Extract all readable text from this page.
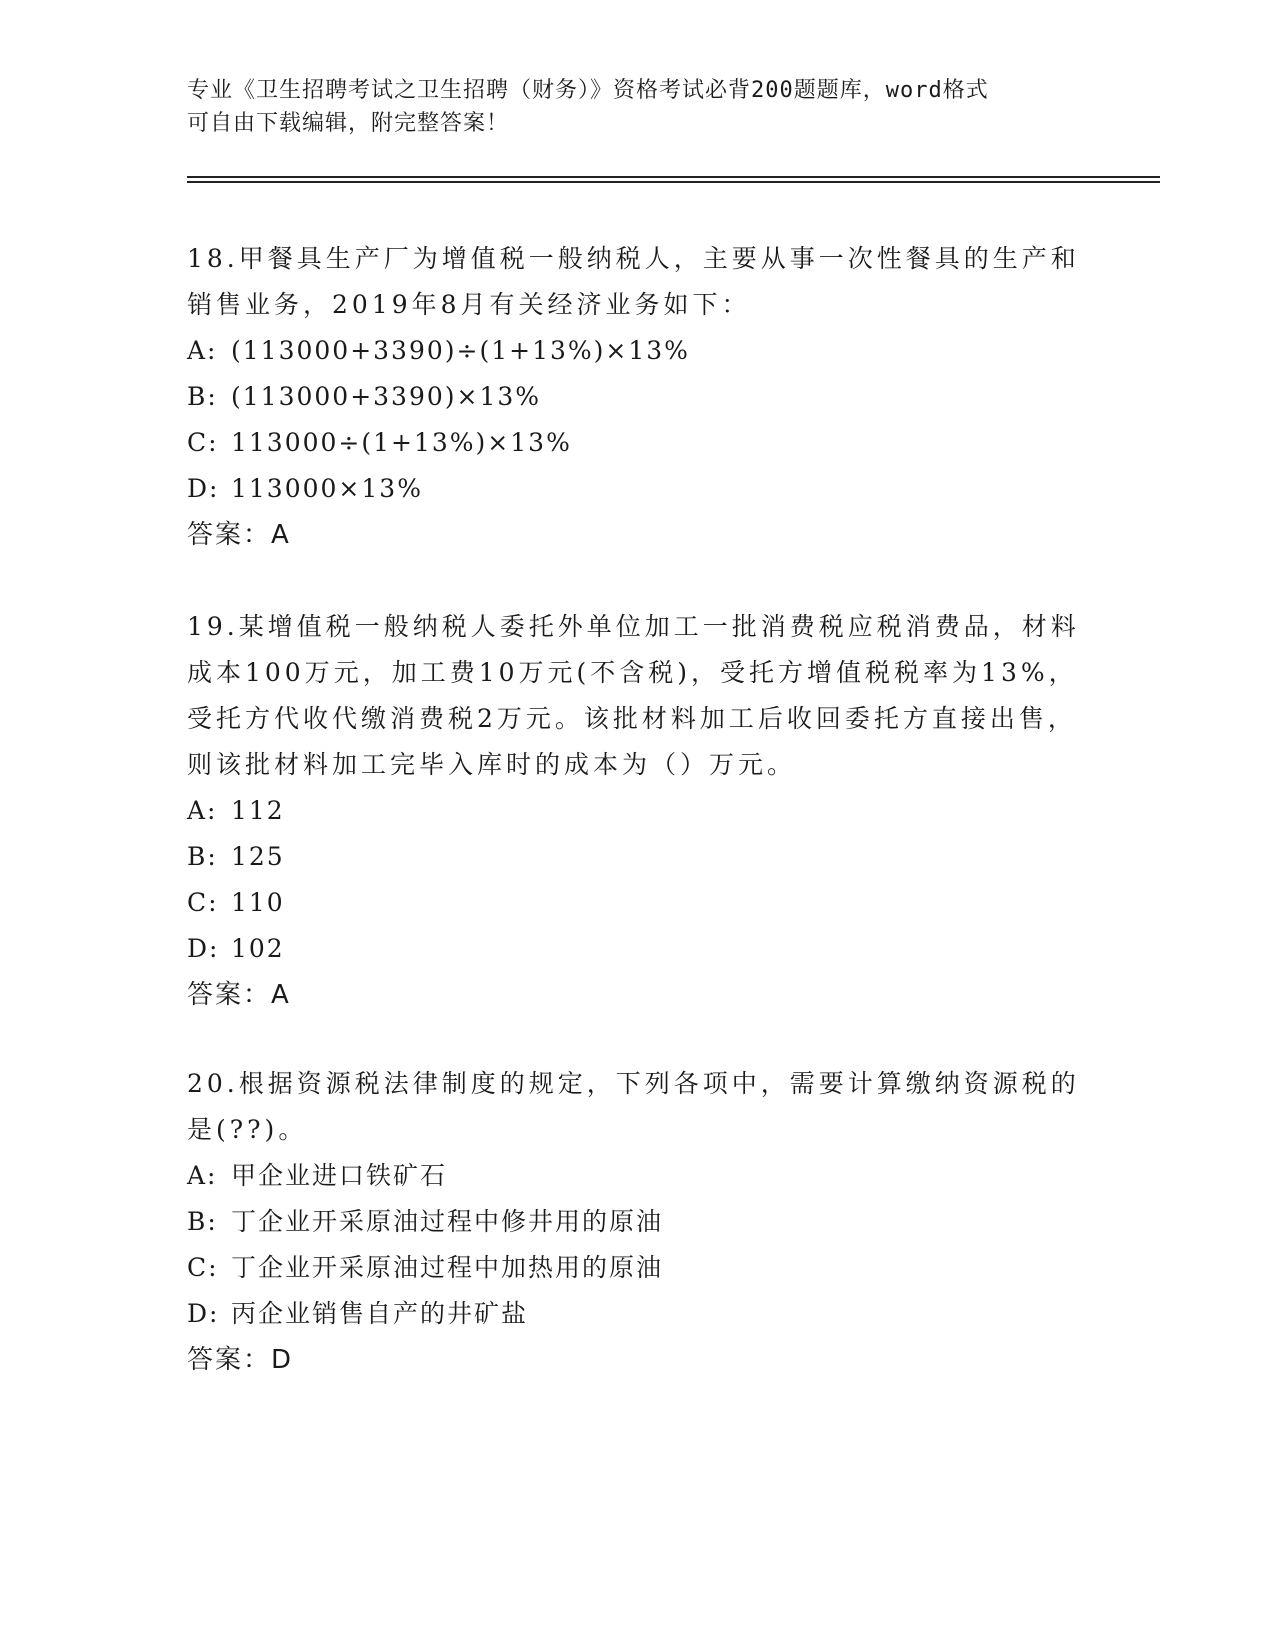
专业《卫生招聘考试之卫生招聘（财务）》资格考试必背200题题库，word格式
可自由下载编辑，附完整答案！

18.甲餐具生产厂为增值税一般纳税人，主要从事一次性餐具的生产和销售业务，2019年8月有关经济业务如下：

A: (113000+3390)÷(1+13%)×13%
B: (113000+3390)×13%
C: 113000÷(1+13%)×13%
D: 113000×13%
答案：A

19.某增值税一般纳税人委托外单位加工一批消费税应税消费品，材料成本100万元，加工费10万元(不含税)，受托方增值税税率为13%，受托方代收代缴消费税2万元。该批材料加工后收回委托方直接出售，则该批材料加工完毕入库时的成本为（）万元。

A: 112
B: 125
C: 110
D: 102
答案：A

20.根据资源税法律制度的规定，下列各项中，需要计算缴纳资源税的是(??)。

A: 甲企业进口铁矿石
B: 丁企业开采原油过程中修井用的原油
C: 丁企业开采原油过程中加热用的原油
D: 丙企业销售自产的井矿盐
答案：D
